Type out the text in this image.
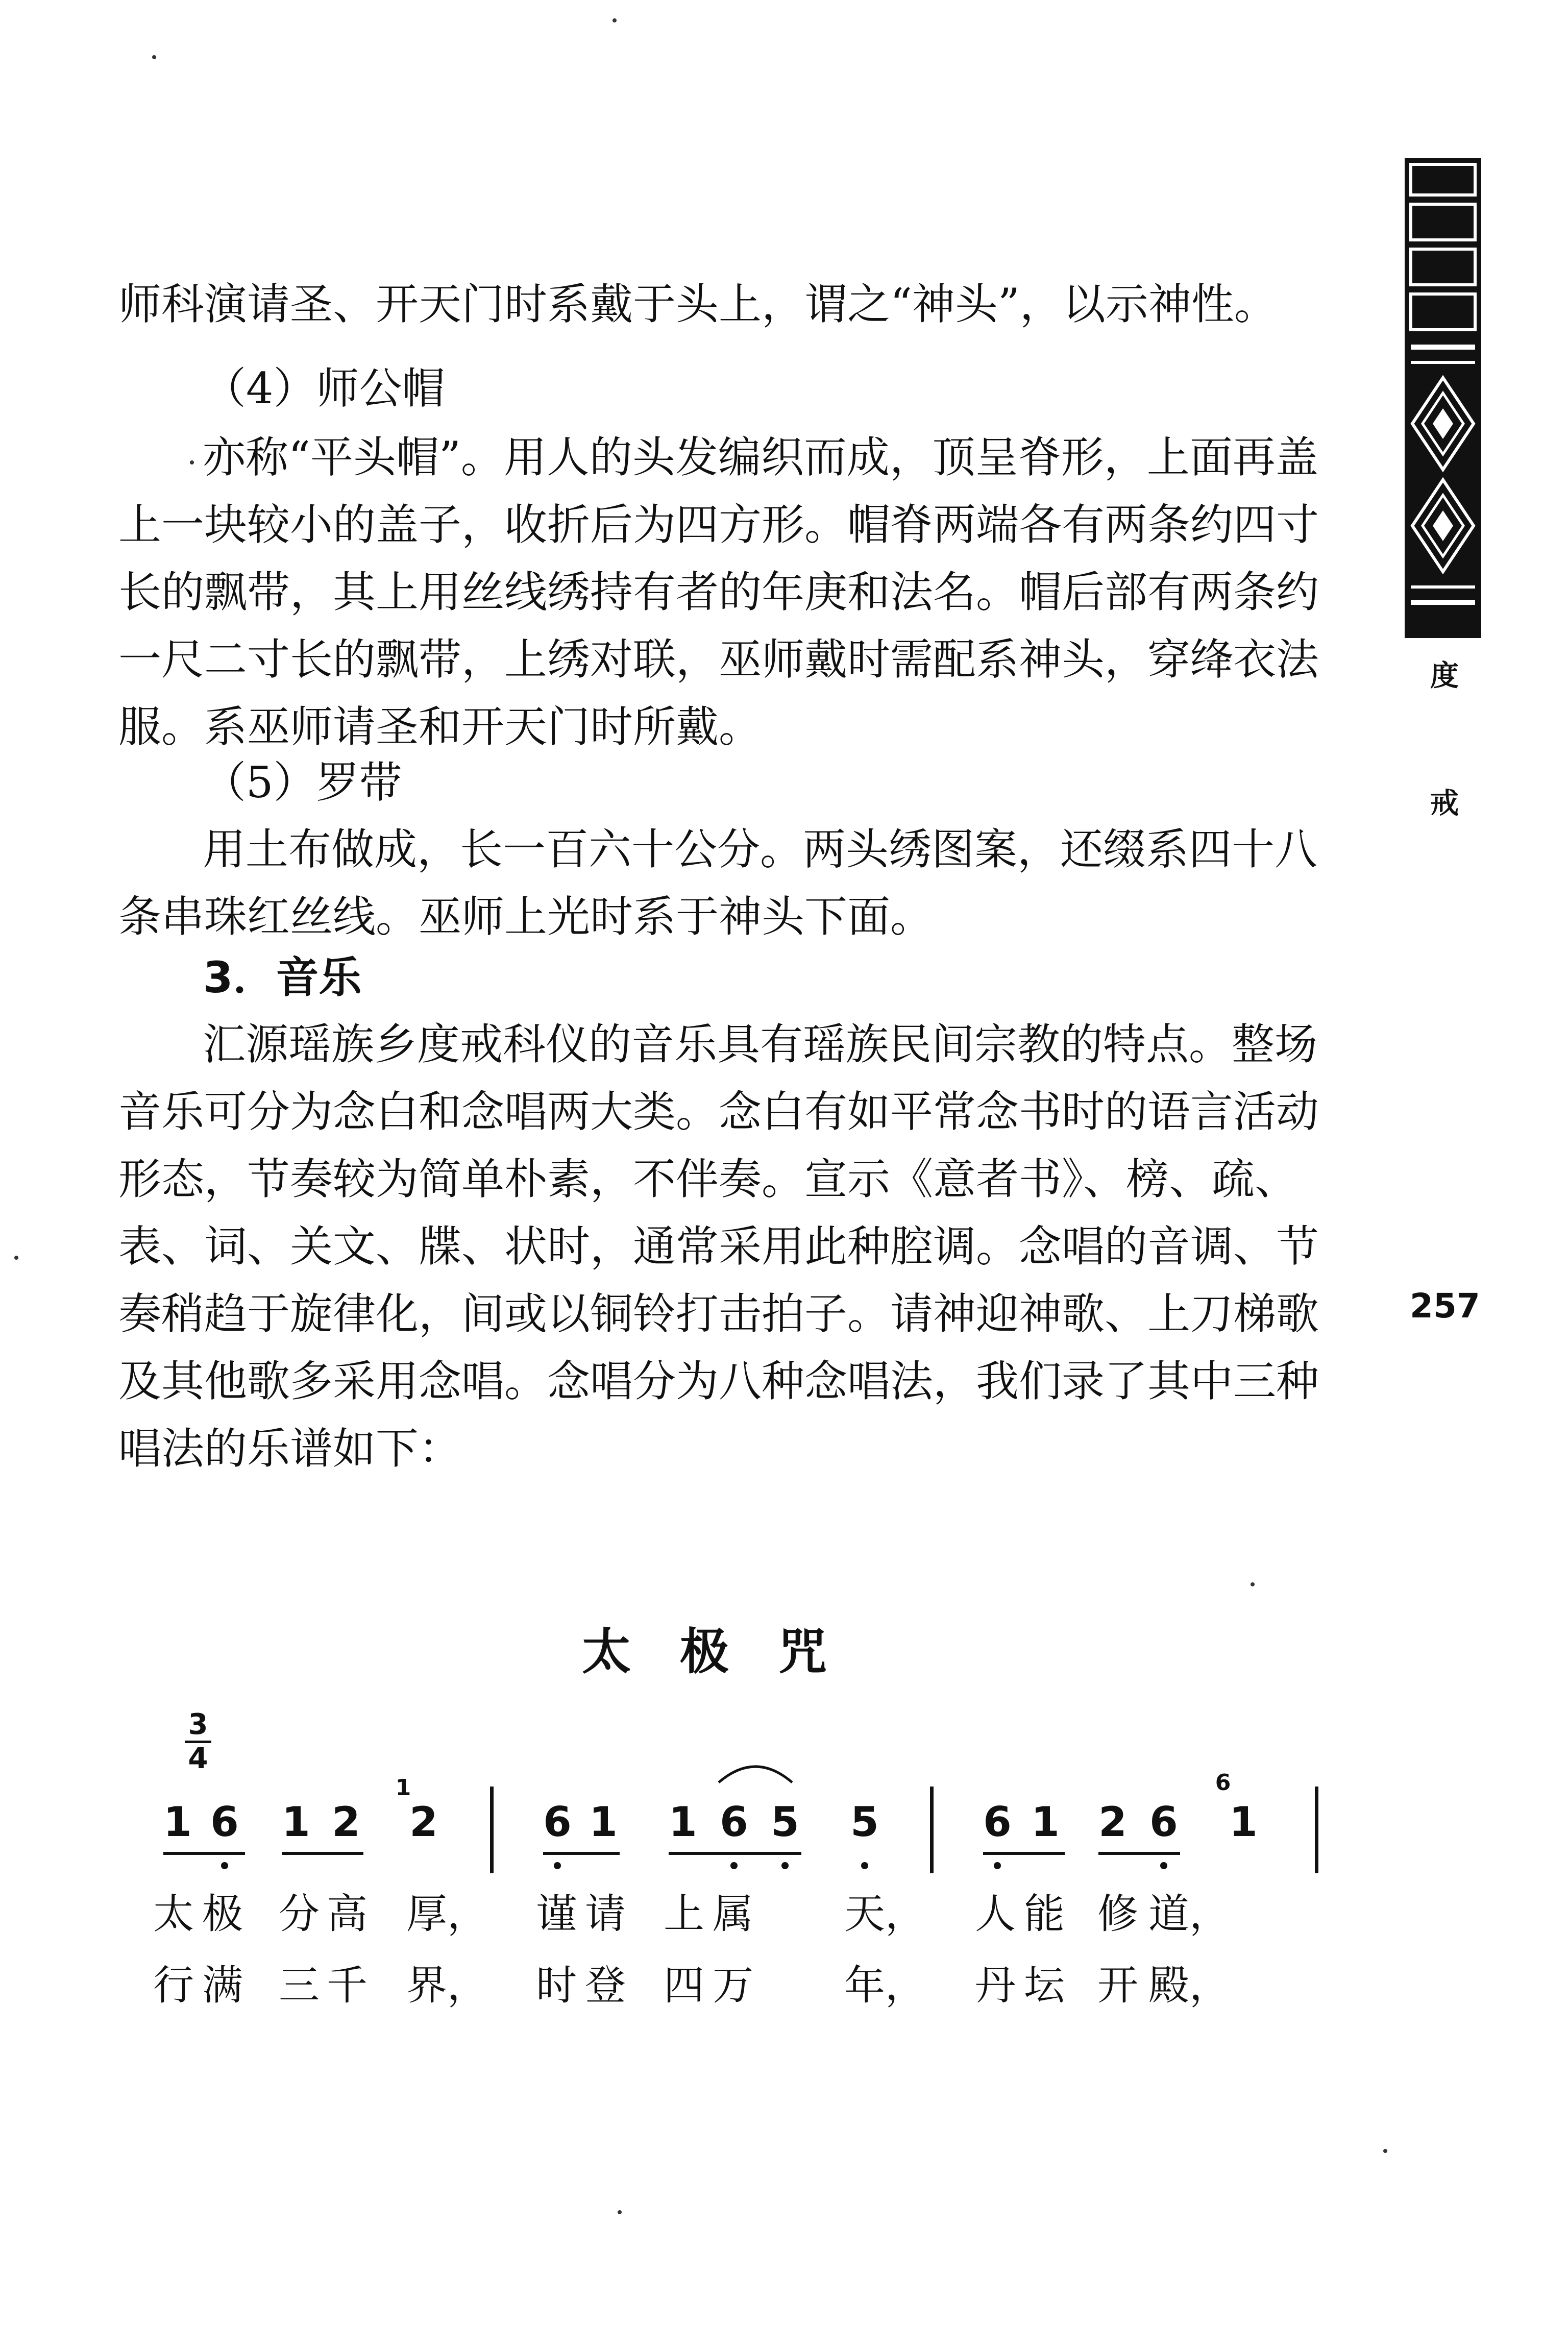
师科演请圣、开天门时系戴于头上，谓之“神头”，以示神性。

（4）师公帽

亦称“平头帽”。用人的头发编织而成，顶呈脊形，上面再盖上一块较小的盖子，收折后为四方形。帽脊两端各有两条约四寸长的飘带，其上用丝线绣持有者的年庚和法名。帽后部有两条约一尺二寸长的飘带，上绣对联，巫师戴时需配系神头，穿绛衣法服。系巫师请圣和开天门时所戴。

（5）罗带

用土布做成，长一百六十公分。两头绣图案，还缀系四十八条串珠红丝线。巫师上光时系于神头下面。

3．音乐

汇源瑶族乡度戒科仪的音乐具有瑶族民间宗教的特点。整场音乐可分为念白和念唱两大类。念白有如平常念书时的语言活动形态，节奏较为简单朴素，不伴奏。宣示《意者书》、榜、疏、表、词、关文、牒、状时，通常采用此种腔调。念唱的音调、节奏稍趋于旋律化，间或以铜铃打击拍子。请神迎神歌、上刀梯歌及其他歌多采用念唱。念唱分为八种念唱法，我们录了其中三种唱法的乐谱如下：

度
戒
257
太极咒
3
4
1 6 1 2
1
2	6 1 1 6 5 5	6 1 2 6
6
1
太 极 分 高 厚， 谨 请 上 属 天， 人 能 修 道，
行 满 三 千 界， 时 登 四 万 年， 丹 坛 开 殿，
